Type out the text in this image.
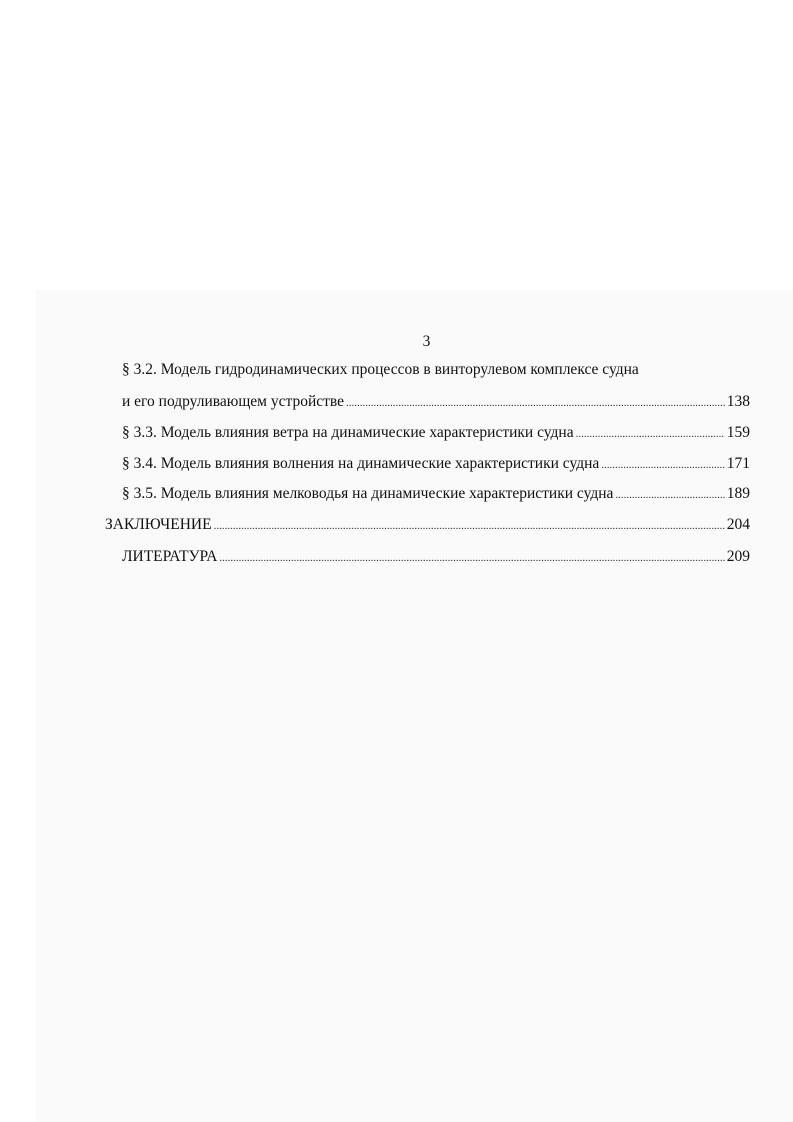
3
§ 3.2. Модель гидродинамических процессов в винторулевом комплексе судна
и его подруливающем устройстве .....	138
§ 3.3. Модель влияния ветра на динамические характеристики судна .....	159
§ 3.4. Модель влияния волнения на динамические характеристики судна .....	171
§ 3.5. Модель влияния мелководья на динамические характеристики судна .....	189
ЗАКЛЮЧЕНИЕ .....	204
ЛИТЕРАТУРА .....	209
